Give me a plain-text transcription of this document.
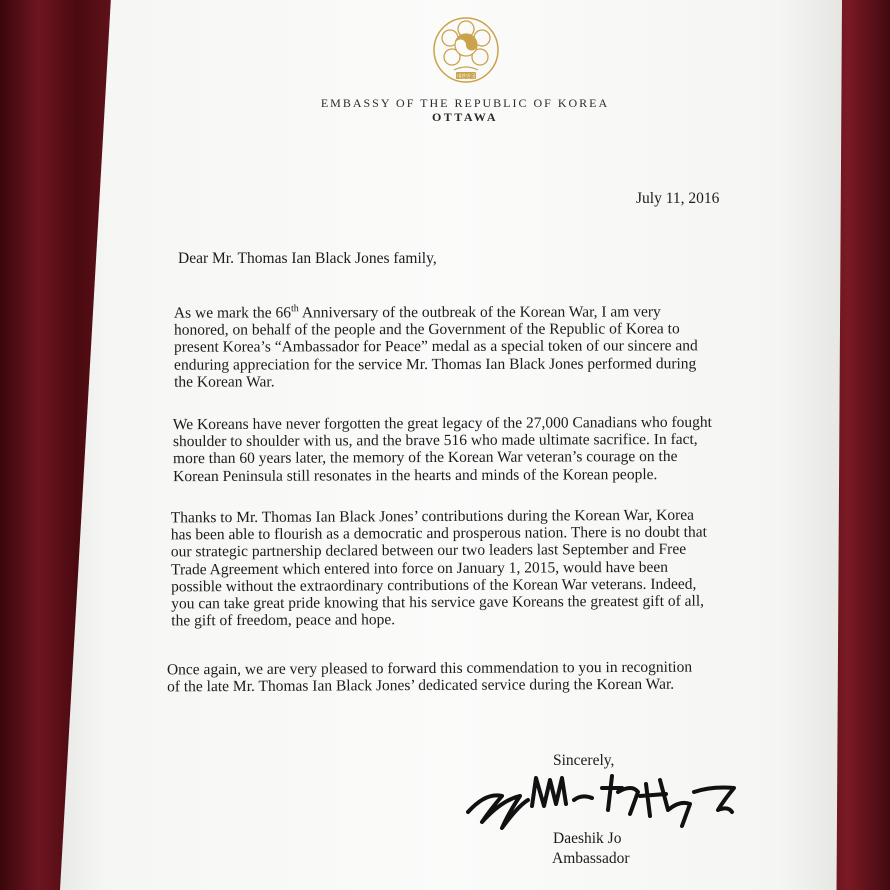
대한민국
EMBASSY OF THE REPUBLIC OF KOREA
OTTAWA
July 11, 2016
Dear Mr. Thomas Ian Black Jones family,

As we mark the 66th Anniversary of the outbreak of the Korean War, I am very

honored, on behalf of the people and the Government of the Republic of Korea to

present Korea’s “Ambassador for Peace” medal as a special token of our sincere and

enduring appreciation for the service Mr. Thomas Ian Black Jones performed during

the Korean War.

We Koreans have never forgotten the great legacy of the 27,000 Canadians who fought

shoulder to shoulder with us, and the brave 516 who made ultimate sacrifice. In fact,

more than 60 years later, the memory of the Korean War veteran’s courage on the

Korean Peninsula still resonates in the hearts and minds of the Korean people.

Thanks to Mr. Thomas Ian Black Jones’ contributions during the Korean War, Korea

has been able to flourish as a democratic and prosperous nation. There is no doubt that

our strategic partnership declared between our two leaders last September and Free

Trade Agreement which entered into force on January 1, 2015, would have been

possible without the extraordinary contributions of the Korean War veterans. Indeed,

you can take great pride knowing that his service gave Koreans the greatest gift of all,

the gift of freedom, peace and hope.

Once again, we are very pleased to forward this commendation to you in recognition

of the late Mr. Thomas Ian Black Jones’ dedicated service during the Korean War.

Sincerely,
Daeshik Jo
Ambassador
